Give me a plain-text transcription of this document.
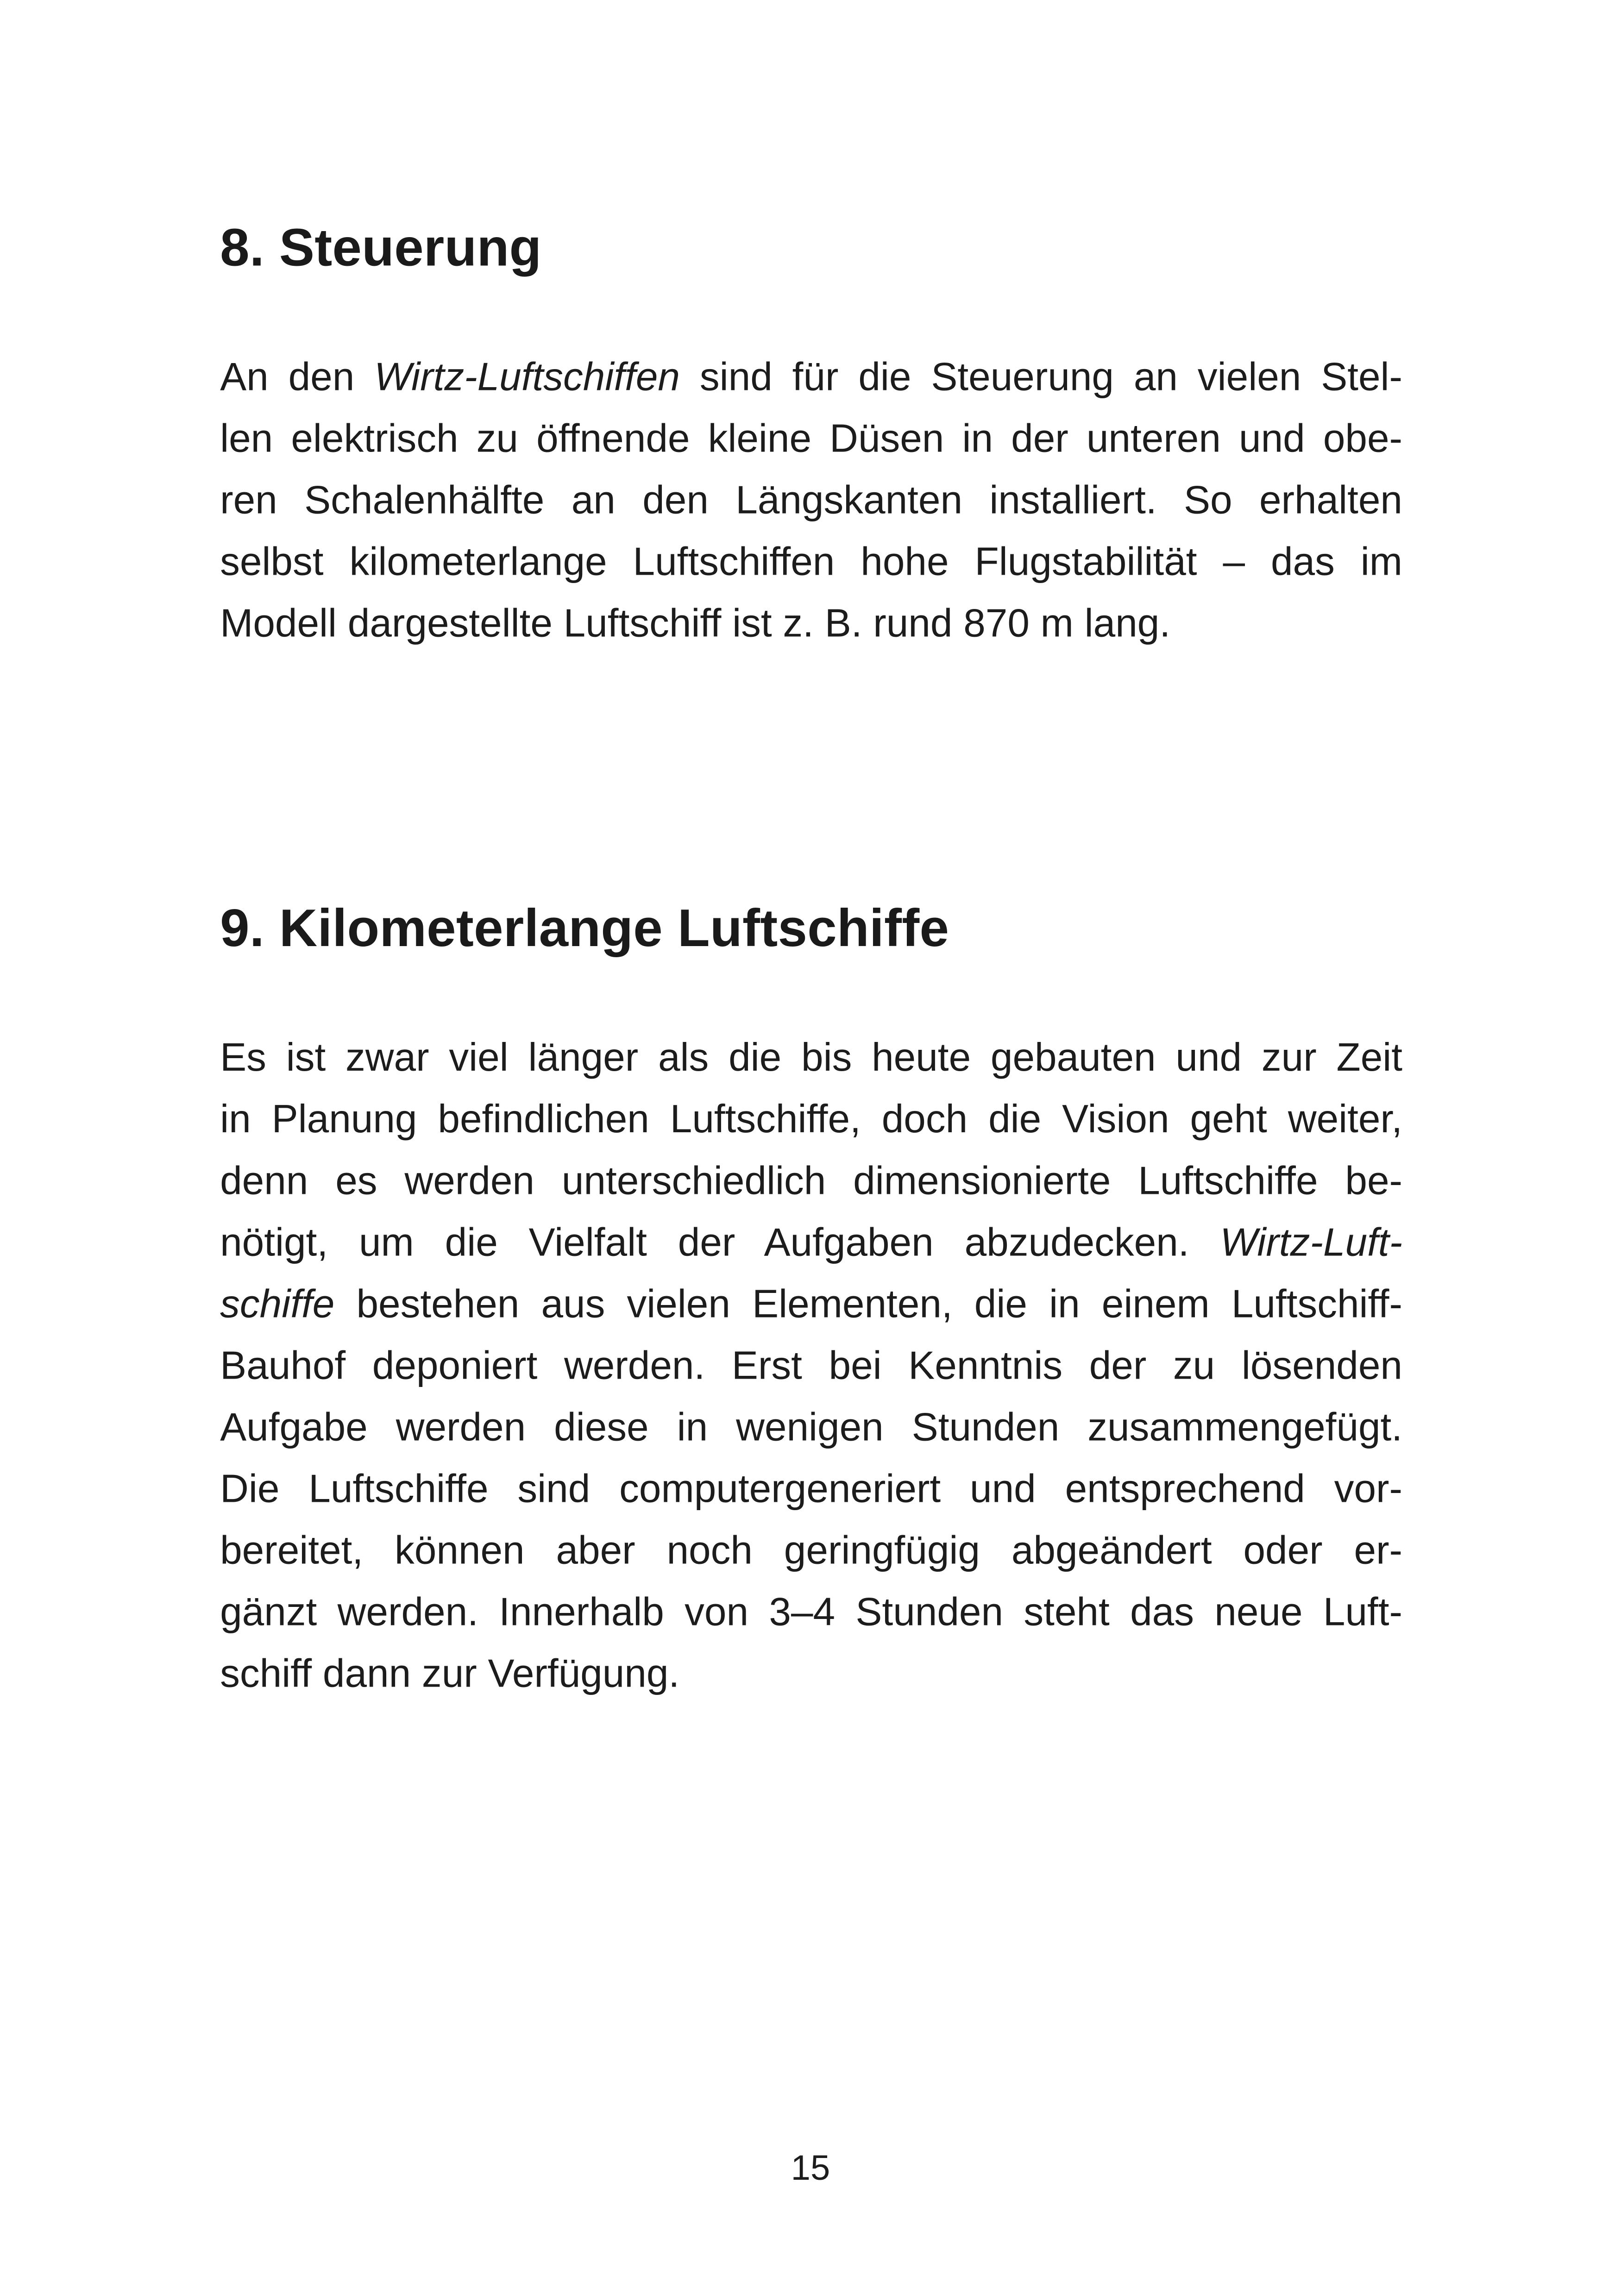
8. Steuerung
An den Wirtz-Luftschiffen sind für die Steuerung an vielen Stel-
len elektrisch zu öffnende kleine Düsen in der unteren und obe-
ren Schalenhälfte an den Längskanten installiert. So erhalten
selbst kilometerlange Luftschiffen hohe Flugstabilität – das im
Modell dargestellte Luftschiff ist z. B. rund 870 m lang.
9. Kilometerlange Luftschiffe
Es ist zwar viel länger als die bis heute gebauten und zur Zeit
in Planung befindlichen Luftschiffe, doch die Vision geht weiter,
denn es werden unterschiedlich dimensionierte Luftschiffe be-
nötigt, um die Vielfalt der Aufgaben abzudecken. Wirtz-Luft-
schiffe bestehen aus vielen Elementen, die in einem Luftschiff-
Bauhof deponiert werden. Erst bei Kenntnis der zu lösenden
Aufgabe werden diese in wenigen Stunden zusammengefügt.
Die Luftschiffe sind computergeneriert und entsprechend vor-
bereitet, können aber noch geringfügig abgeändert oder er-
gänzt werden. Innerhalb von 3–4 Stunden steht das neue Luft-
schiff dann zur Verfügung.
15
